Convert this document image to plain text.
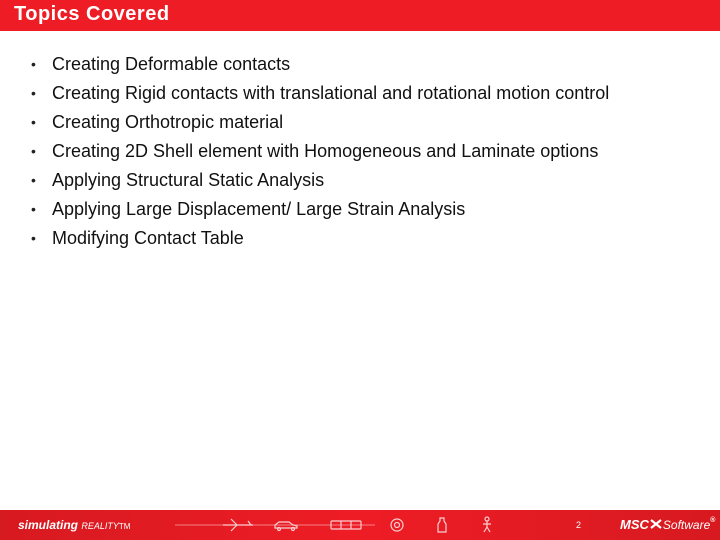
Topics Covered
• Creating Deformable contacts
• Creating Rigid contacts with translational and rotational motion control
• Creating Orthotropic material
• Creating 2D Shell element with Homogeneous and Laminate options
• Applying Structural Static Analysis
• Applying Large Displacement/ Large Strain Analysis
• Modifying Contact Table
simulating REALITYTM	2	MSC Software®
